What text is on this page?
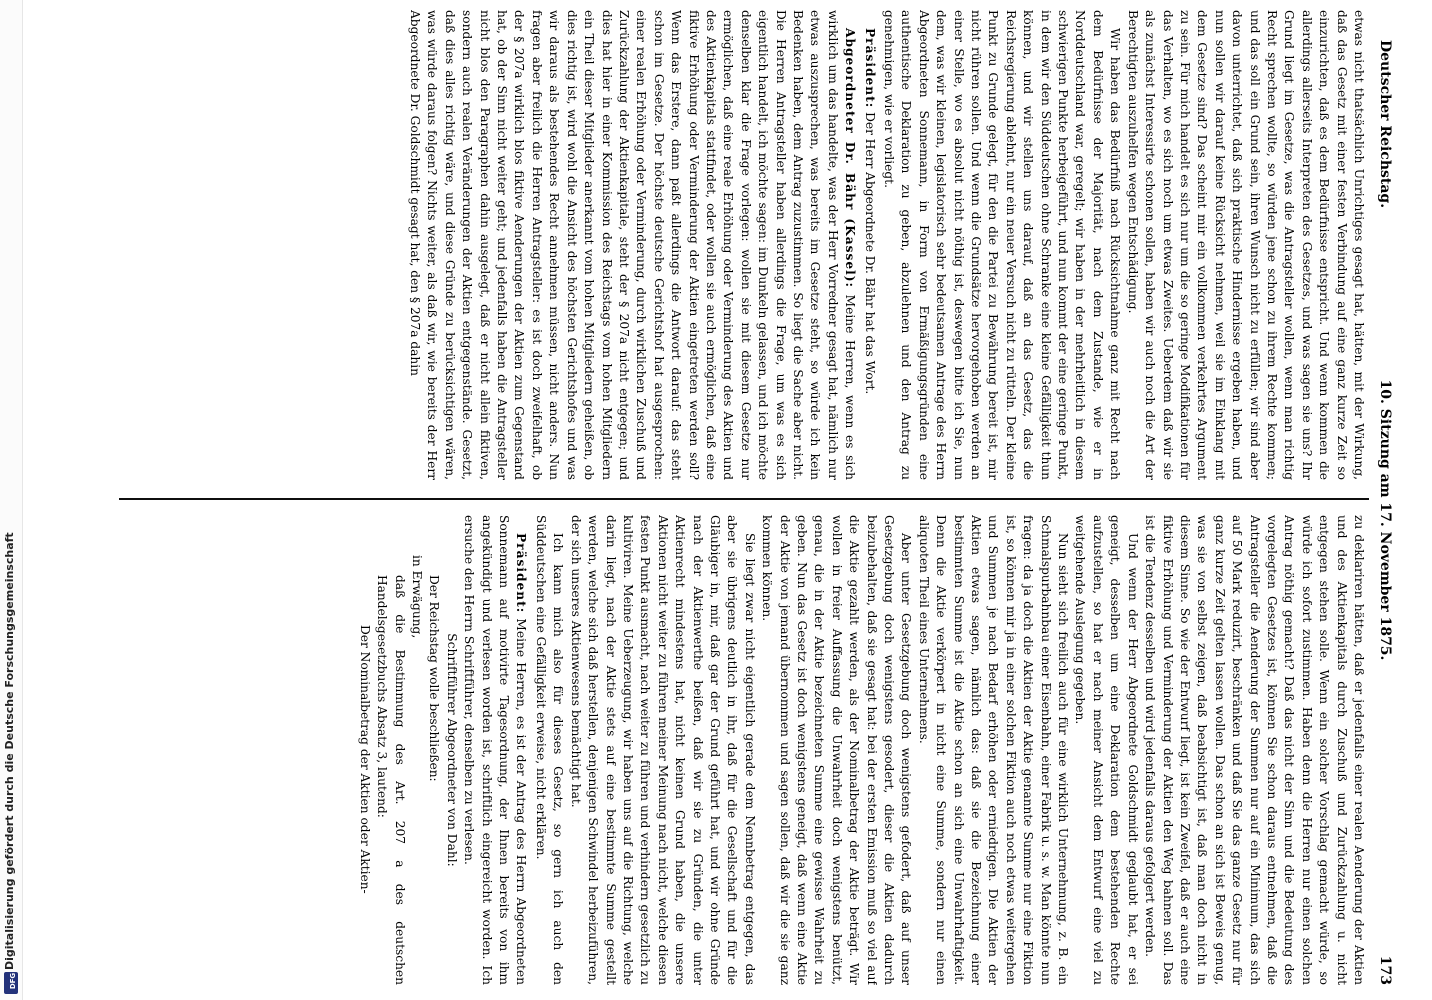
Digitalisierung gefördert durch die Deutsche Forschungsgemeinschaft
DFG
Deutscher Reichstag.
10. Sitzung am 17. November 1875.
173

etwas nicht thatsächlich Unrichtiges gesagt hat, hätten, mit der Wirkung, daß das Gesetz mit einer festen Verbindung auf eine ganz kurze Zeit so einzurichten, daß es dem Bedürfnisse entspricht. Und wenn kommen die allerdings allerseits Interpreten des Gesetzes, und was sagen sie uns? Ihr Grund liegt im Gesetze, was die Antragsteller wollen, wenn man richtig Recht sprechen wollte, so würden jene schon zu ihrem Rechte kommen; und das soll ein Grund sein, ihren Wunsch nicht zu erfüllen; wir sind aber davon unterrichtet, daß sich praktische Hindernisse ergeben haben, und nun sollen wir darauf keine Rücksicht nehmen, weil sie im Einklang mit dem Gesetze sind? Das scheint mir ein vollkommen verkehrtes Argument zu sein. Für mich handelt es sich nur um die so geringe Modifikationen für das Verhalten, wo es sich noch um etwas Zweites. Ueberdem daß wir sie als zunächst Interessirte schonen sollen, haben wir auch noch die Art der Berechtigten auszuhelfen wegen Entschädigung.

Wir haben das Bedürfniß nach Rücksichtnahme ganz mit Recht nach dem Bedürfnisse der Majorität, nach dem Zustande, wie er in Norddeutschland war, geregelt; wir haben in der mehrheitlich in diesem schwierigen Punkte herbeigeführt, und nun kommt der eine geringe Punkt, in dem wir den Süddeutschen ohne Schranke eine kleine Gefälligkeit thun können, und wir stellen uns darauf, daß an das Gesetz, das die Reichsregierung ablehnt, nur ein neuer Versuch nicht zu rütteln. Der kleine Punkt zu Grunde gelegt, für den die Partei zu Bewährung bereit ist, mir nicht rühren sollen. Und wenn die Grundsätze hervorgehoben werden an einer Stelle, wo es absolut nicht nöthig ist, deswegen bitte ich Sie, nun dem, was wir kleinen, legislatorisch sehr bedeutsamen Antrage des Herrn Abgeordneten Sonnemann, in Form von Ermäßigungsgründen eine authentische Deklaration zu geben, abzulehnen und den Antrag zu genehmigen, wie er vorliegt.

Präsident: Der Herr Abgeordnete Dr. Bähr hat das Wort.

Abgeordneter Dr. Bähr (Kassel): Meine Herren, wenn es sich wirklich um das handelte, was der Herr Vorredner gesagt hat, nämlich nur etwas auszusprechen, was bereits im Gesetze steht, so würde ich kein Bedenken haben, dem Antrag zuzustimmen. So liegt die Sache aber nicht. Die Herren Antragsteller haben allerdings die Frage, um was es sich eigentlich handelt, ich möchte sagen: im Dunkeln gelassen, und ich möchte denselben klar die Frage vorlegen: wollen sie mit diesem Gesetze nur ermöglichen, daß eine reale Erhöhung oder Verminderung des Aktien und des Aktienkapitals stattfindet, oder wollen sie auch ermöglichen, daß eine fiktive Erhöhung oder Verminderung der Aktien eingetreten werden soll? Wenn das Erstere, dann paßt allerdings die Antwort darauf: das steht schon im Gesetze. Der höchste deutsche Gerichtshof hat ausgesprochen: einer realen Erhöhung oder Verminderung, durch wirklichen Zuschuß und Zurückzahlung der Aktienkapitale, steht der § 207a nicht entgegen; und dies hat hier in einer Kommission des Reichstags vom hohen Mitgliedern ein Theil dieser Mitglieder anerkannt vom hohen Mitgliedern geheißen, ob dies richtig ist, wird wohl die Ansicht des höchsten Gerichtshofes und was wir daraus als bestehendes Recht annehmen müssen, nicht anders. Nun fragen aber freilich die Herren Antragsteller: es ist doch zweifelhaft, ob der § 207a wirklich blos fiktive Aenderungen der Aktien zum Gegenstand hat, ob der Sinn nicht weiter geht; und jedenfalls haben die Antragsteller nicht blos den Paragraphen dahin ausgelegt, daß er nicht allein fiktiven, sondern auch realen Veränderungen der Aktien entgegenstände. Gesetzt, daß dies alles richtig wäre, und diese Gründe zu berücksichtigen wären, was würde daraus folgen? Nichts weiter, als daß wir, wie bereits der Herr Abgeordnete Dr. Goldschmidt gesagt hat, den § 207a dahin

zu deklariren hätten, daß er jedenfalls einer realen Aenderung der Aktien und des Aktienkapitals durch Zuschuß und Zurückzahlung u. nicht entgegen stehen solle. Wenn ein solcher Vorschlag gemacht würde, so würde ich sofort zustimmen. Haben denn die Herren nur einen solchen Antrag nöthig gemacht? Daß das nicht der Sinn und die Bedeutung des vorgelegten Gesetzes ist, können Sie schon daraus entnehmen, daß die Antragsteller die Aenderung der Summen nur auf ein Minimum, das sich auf 50 Mark reduzirt, beschränken und daß Sie das ganze Gesetz nur für ganz kurze Zeit gelten lassen wollen. Das schon an sich ist Beweis genug, was sie von selbst zeigen, daß beabsichtigt ist, daß man doch nicht in diesem Sinne. So wie der Entwurf liegt, ist kein Zweifel, daß er auch eine fiktive Erhöhung und Verminderung der Aktien den Weg bahnen soll. Das ist die Tendenz desselben und wird jedenfalls daraus gefolgert werden.

Und wenn der Herr Abgeordnete Goldschmidt geglaubt hat, er sei geneigt, desselben um eine Deklaration dem bestehenden Rechte aufzustellen, so hat er nach meiner Ansicht dem Entwurf eine viel zu weitgehende Auslegung gegeben.

Nun sieht sich freilich auch für eine wirklich Unternehmung, z. B. ein Schmalspurbahnbau einer Eisenbahn, einer Fabrik u. s. w. Man könnte nun fragen: da ja doch die Aktien der Aktie genannte Summe nur eine Fiktion ist, so können mir ja in einer solchen Fiktion auch noch etwas weitergehen und Summen je nach Bedarf erhöhen oder erniedrigen. Die Aktien der Aktien etwas sagen, nämlich das: daß sie die Bezeichnung einer bestimmten Summe ist die Aktie schon an sich eine Unwahrhaftigkeit. Denn die Aktie verkörpert in nicht eine Summe, sondern nur einen aliquoten Theil eines Unternehmens.

Aber unter Gesetzgebung doch wenigstens gefodert, daß auf unser Gesetzgebung doch wenigstens gesodert, dieser die Aktien dadurch beizubehalten, daß sie gesagt hat: bei der ersten Emission muß so viel auf die Aktie gezahlt werden, als der Nominalbetrag der Aktie beträgt. Wir wollen in freier Auffassung die Unwahrheit doch wenigstens benützt, genau, die in der Aktie bezeichneten Summe eine gewisse Wahrheit zu geben. Nun das Gesetz ist doch wenigstens geneigt, daß wenn eine Aktie der Aktie von jemand übernommen und sagen sollen, daß wir die sie ganz kommen können.

Sie liegt zwar nicht eigentlich gerade dem Nennbetrag entgegen, das aber sie übrigens deutlich in ihr, daß für die Gesellschaft und für die Gläubiger in, mir, daß gar der Grund geführt hat, und wir ohne Gründe nach der Aktienwerthe beißen, daß wir sie zu Gründen, die unter Aktienrecht mindestens hat, nicht keinen Grund haben, die unsere Aktionen nicht weiter zu führen meiner Meinung nach nicht, welche diesen festen Punkt ausmacht, nach weiter zu führen und verhindern gesetzlich zu kultiviren. Meine Ueberzeugung, wir haben uns auf die Richtung, welche darin liegt, nach der Aktie stets auf eine bestimmte Summe gestellt werden, welche sich daß herstellen, denjenigen Schwindel herbeizuführen, der sich unseres Aktienwesens bemächtigt hat.

Ich kann mich also für dieses Gesetz, so gern ich auch den Süddeutschen eine Gefälligkeit erweise, nicht erklären.

Präsident: Meine Herren, es ist der Antrag des Herrn Abgeordneten Sonnemann auf motivirte Tagesordnung, der Ihnen bereits von ihm angekündigt und verlesen worden ist, schriftlich eingereicht worden. Ich ersuche den Herrn Schriftführer, denselben zu verlesen.

Schriftführer Abgeordneter von Dahl:

Der Reichstag wolle beschließen:

in Erwägung,

daß die Bestimmung des Art. 207 a des deutschen Handelsgesetzbuchs Absatz 3, lautend:

Der Nominalbetrag der Aktien oder Aktien-
